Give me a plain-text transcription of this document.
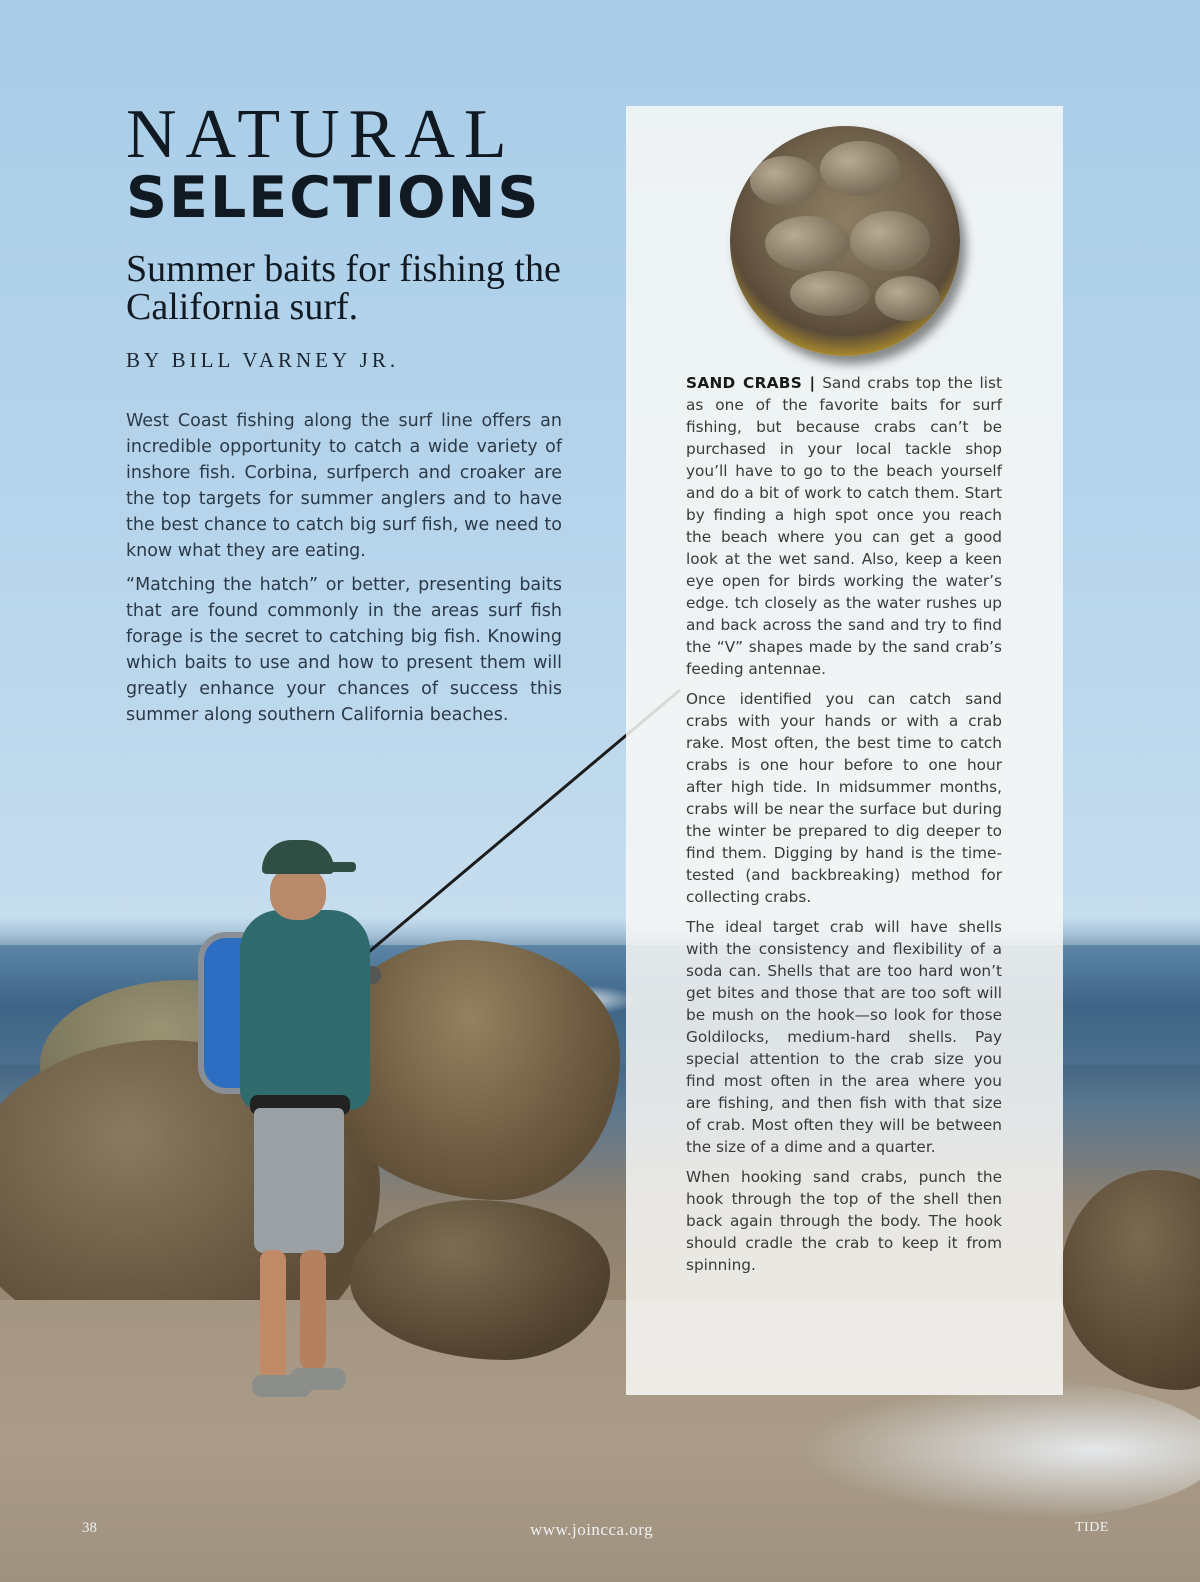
NATURAL
SELECTIONS
Summer baits for fishing the California surf.
BY BILL VARNEY JR.

West Coast fishing along the surf line offers an incredible opportunity to catch a wide variety of inshore fish. Corbina, surfperch and croaker are the top targets for summer anglers and to have the best chance to catch big surf fish, we need to know what they are eating.

“Matching the hatch” or better, presenting baits that are found commonly in the areas surf fish forage is the secret to catching big fish. Knowing which baits to use and how to present them will greatly enhance your chances of success this summer along southern California beaches.

SAND CRABS | Sand crabs top the list as one of the favorite baits for surf fishing, but because crabs can’t be purchased in your local tackle shop you’ll have to go to the beach yourself and do a bit of work to catch them. Start by finding a high spot once you reach the beach where you can get a good look at the wet sand. Also, keep a keen eye open for birds working the water’s edge. tch closely as the water rushes up and back across the sand and try to find the “V” shapes made by the sand crab’s feeding antennae.

Once identified you can catch sand crabs with your hands or with a crab rake. Most often, the best time to catch crabs is one hour before to one hour after high tide. In midsummer months, crabs will be near the surface but during the winter be prepared to dig deeper to find them. Digging by hand is the time-tested (and backbreaking) method for collecting crabs.

The ideal target crab will have shells with the consistency and flexibility of a soda can. Shells that are too hard won’t get bites and those that are too soft will be mush on the hook—so look for those Goldilocks, medium-hard shells. Pay special attention to the crab size you find most often in the area where you are fishing, and then fish with that size of crab. Most often they will be between the size of a dime and a quarter.

When hooking sand crabs, punch the hook through the top of the shell then back again through the body. The hook should cradle the crab to keep it from spinning.

38	www.joincca.org	TIDE
